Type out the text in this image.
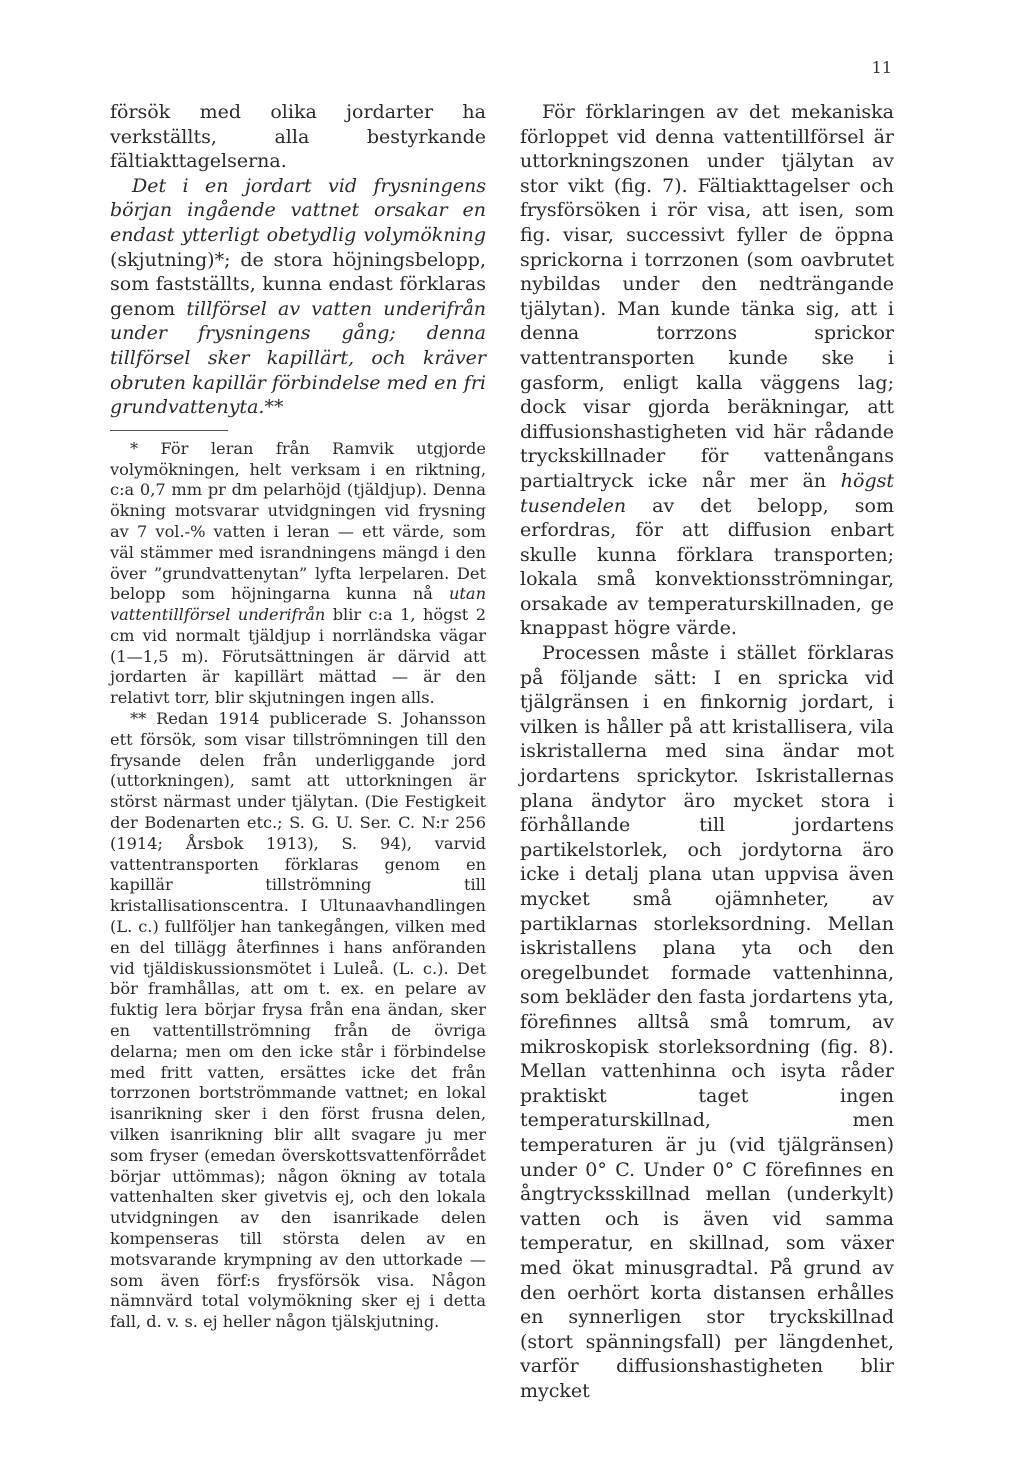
11

försök med olika jordarter ha verkställts, alla bestyrkande fältiakttagelserna.

Det i en jordart vid frysningens början ingående vattnet orsakar en endast ytterligt obetydlig volymökning (skjutning)*; de stora höjningsbelopp, som fastställts, kunna endast förklaras genom tillförsel av vatten underifrån under frysningens gång; denna tillförsel sker kapillärt, och kräver obruten kapillär förbindelse med en fri grundvattenyta.**

* För leran från Ramvik utgjorde volymökningen, helt verksam i en riktning, c:a 0,7 mm pr dm pelarhöjd (tjäldjup). Denna ökning motsvarar utvidgningen vid frysning av 7 vol.-% vatten i leran — ett värde, som väl stämmer med israndningens mängd i den över ”grundvattenytan” lyfta lerpelaren. Det belopp som höjningarna kunna nå utan vattentillförsel underifrån blir c:a 1, högst 2 cm vid normalt tjäldjup i norrländska vägar (1—1,5 m). Förutsättningen är därvid att jordarten är kapillärt mättad — är den relativt torr, blir skjutningen ingen alls.

** Redan 1914 publicerade S. Johansson ett försök, som visar tillströmningen till den frysande delen från underliggande jord (uttorkningen), samt att uttorkningen är störst närmast under tjälytan. (Die Festigkeit der Bodenarten etc.; S. G. U. Ser. C. N:r 256 (1914; Årsbok 1913), S. 94), varvid vattentransporten förklaras genom en kapillär tillströmning till kristallisationscentra. I Ultunaavhandlingen (L. c.) fullföljer han tankegången, vilken med en del tillägg återfinnes i hans anföranden vid tjäldiskussionsmötet i Luleå. (L. c.). Det bör framhållas, att om t. ex. en pelare av fuktig lera börjar frysa från ena ändan, sker en vattentillströmning från de övriga delarna; men om den icke står i förbindelse med fritt vatten, ersättes icke det från torrzonen bortströmmande vattnet; en lokal isanrikning sker i den först frusna delen, vilken isanrikning blir allt svagare ju mer som fryser (emedan överskottsvattenförrådet börjar uttömmas); någon ökning av totala vattenhalten sker givetvis ej, och den lokala utvidgningen av den isanrikade delen kompenseras till största delen av en motsvarande krympning av den uttorkade — som även förf:s frysförsök visa. Någon nämnvärd total volymökning sker ej i detta fall, d. v. s. ej heller någon tjälskjutning.

För förklaringen av det mekaniska förloppet vid denna vattentillförsel är uttorkningszonen under tjälytan av stor vikt (fig. 7). Fältiakttagelser och frysförsöken i rör visa, att isen, som fig. visar, successivt fyller de öppna sprickorna i torrzonen (som oavbrutet nybildas under den nedträngande tjälytan). Man kunde tänka sig, att i denna torrzons sprickor vattentransporten kunde ske i gasform, enligt kalla väggens lag; dock visar gjorda beräkningar, att diffusionshastigheten vid här rådande tryckskillnader för vattenångans partialtryck icke når mer än högst tusendelen av det belopp, som erfordras, för att diffusion enbart skulle kunna förklara transporten; lokala små konvektionsströmningar, orsakade av temperaturskillnaden, ge knappast högre värde.

Processen måste i stället förklaras på följande sätt: I en spricka vid tjälgränsen i en finkornig jordart, i vilken is håller på att kristallisera, vila iskristallerna med sina ändar mot jordartens sprickytor. Iskristallernas plana ändytor äro mycket stora i förhållande till jordartens partikelstorlek, och jordytorna äro icke i detalj plana utan uppvisa även mycket små ojämnheter, av partiklarnas storleksordning. Mellan iskristallens plana yta och den oregelbundet formade vattenhinna, som bekläder den fasta jordartens yta, förefinnes alltså små tomrum, av mikroskopisk storleksordning (fig. 8). Mellan vattenhinna och isyta råder praktiskt taget ingen temperaturskillnad, men temperaturen är ju (vid tjälgränsen) under 0° C. Under 0° C förefinnes en ångtrycksskillnad mellan (underkylt) vatten och is även vid samma temperatur, en skillnad, som växer med ökat minusgradtal. På grund av den oerhört korta distansen erhålles en synnerligen stor tryckskillnad (stort spänningsfall) per längdenhet, varför diffusionshastigheten blir mycket
